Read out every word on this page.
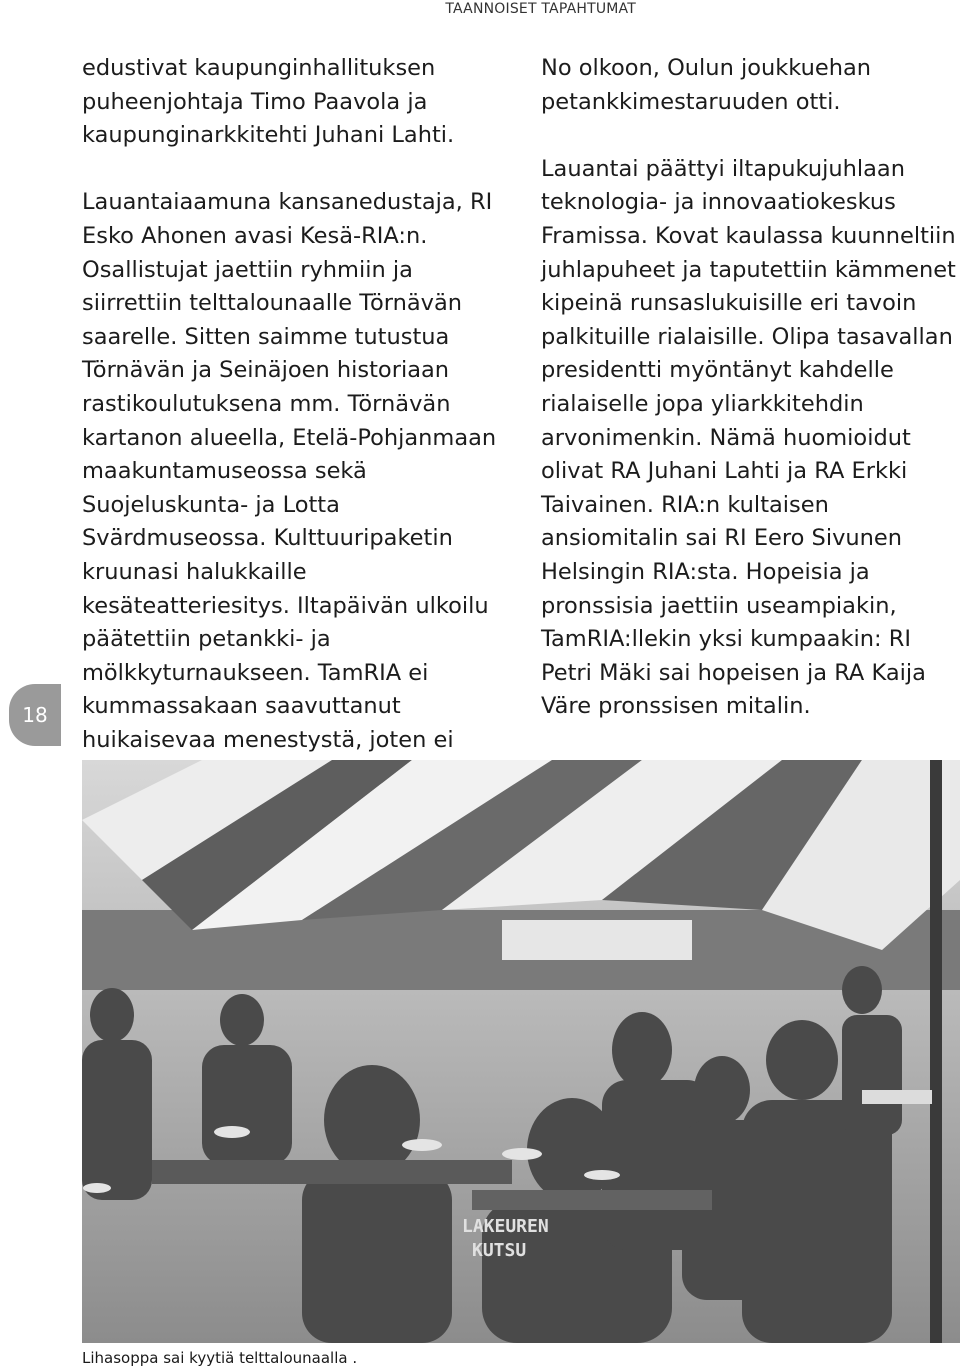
TAANNOISET TAPAHTUMAT
18

edustivat kaupunginhallituksen puheenjohtaja Timo Paavola ja kaupunginarkkitehti Juhani Lahti.

Lauantaiaamuna kansanedustaja, RI Esko Ahonen avasi Kesä-RIA:n. Osallistujat jaettiin ryhmiin ja siirrettiin telttalounaalle Törnävän saarelle. Sitten saimme tutustua Törnävän ja Seinäjoen historiaan rastikoulutuksena mm. Törnävän kartanon alueella, Etelä-Pohjanmaan maakuntamuseossa sekä Suojeluskunta- ja Lotta Svärdmuseossa. Kulttuuripaketin kruunasi halukkaille kesäteatteriesitys. Iltapäivän ulkoilu päätettiin petankki- ja mölkkyturnaukseen. TamRIA ei kummassakaan saavuttanut huikaisevaa menestystä, joten ei

No olkoon, Oulun joukkuehan petankkimestaruuden otti.

Lauantai päättyi iltapukujuhlaan teknologia- ja innovaatiokeskus Framissa. Kovat kaulassa kuunneltiin juhlapuheet ja taputettiin kämmenet kipeinä runsaslukuisille eri tavoin palkituille rialaisille. Olipa tasavallan presidentti myöntänyt kahdelle rialaiselle jopa yliarkkitehdin arvonimenkin. Nämä huomioidut olivat RA Juhani Lahti ja RA Erkki Taivainen. RIA:n kultaisen ansiomitalin sai RI Eero Sivunen Helsingin RIA:sta. Hopeisia ja pronssisia jaettiin useampiakin, TamRIA:llekin yksi kumpaakin: RI Petri Mäki sai hopeisen ja RA Kaija Väre pronssisen mitalin.

LAKEUREN
KUTSU
Lihasoppa sai kyytiä telttalounaalla .
